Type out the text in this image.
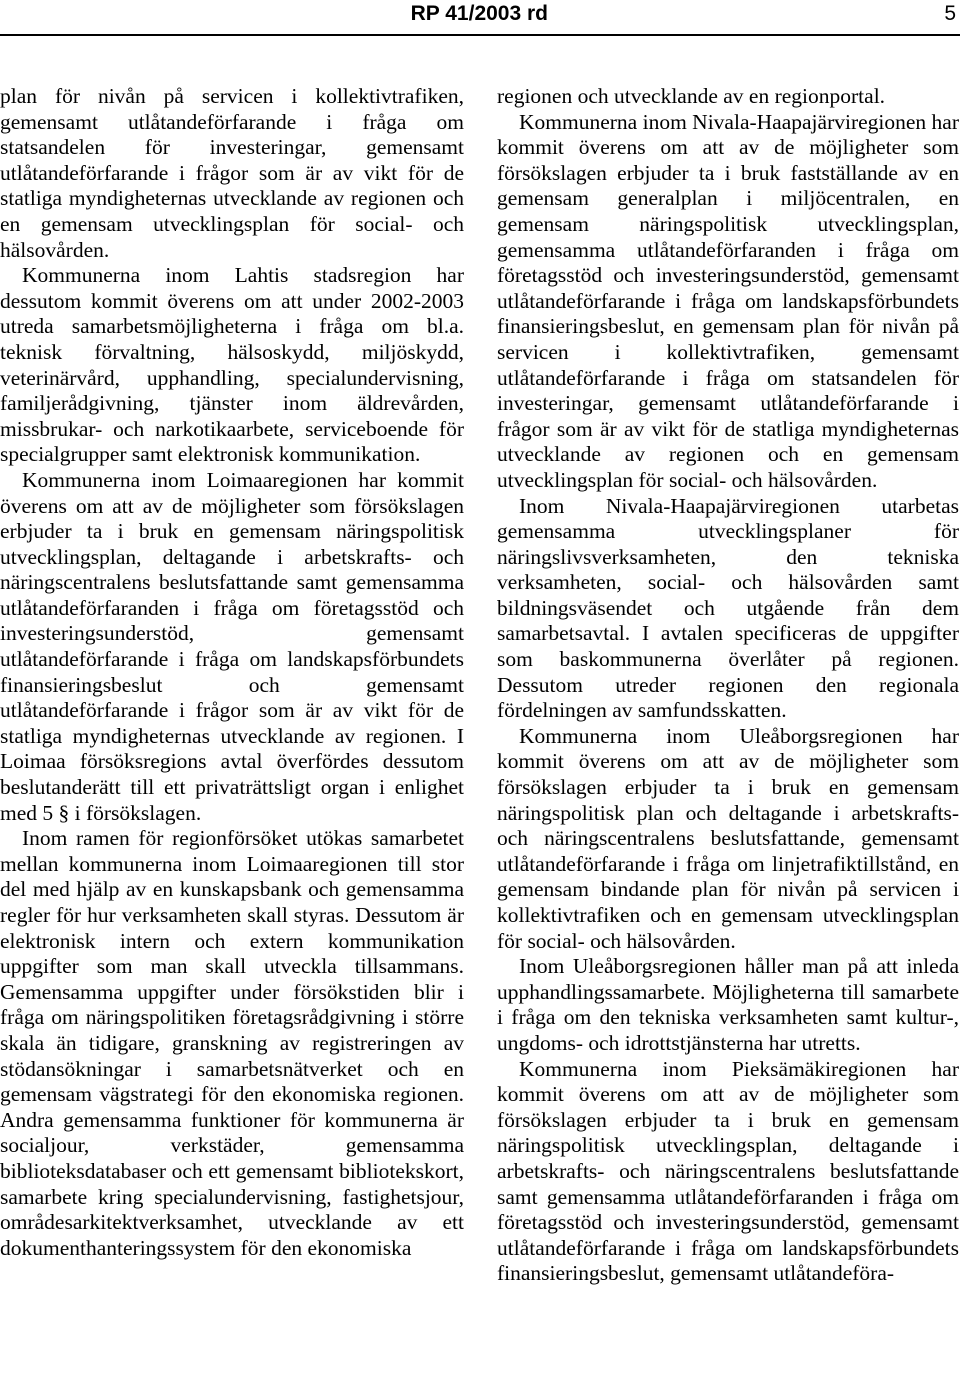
RP 41/2003 rd	5

plan för nivån på servicen i kollektivtrafiken, gemensamt utlåtandeförfarande i fråga om statsandelen för investeringar, gemensamt utlåtandeförfarande i frågor som är av vikt för de statliga myndigheternas utvecklande av regionen och en gemensam utvecklingsplan för social- och hälsovården.

Kommunerna inom Lahtis stadsregion har dessutom kommit överens om att under 2002-2003 utreda samarbetsmöjligheterna i fråga om bl.a. teknisk förvaltning, hälsoskydd, miljöskydd, veterinärvård, upphandling, specialundervisning, familjerådgivning, tjänster inom äldrevården, missbrukar- och narkotikaarbete, serviceboende för specialgrupper samt elektronisk kommunikation.

Kommunerna inom Loimaaregionen har kommit överens om att av de möjligheter som försökslagen erbjuder ta i bruk en gemensam näringspolitisk utvecklingsplan, deltagande i arbetskrafts- och näringscentralens beslutsfattande samt gemensamma utlåtandeförfaranden i fråga om företagsstöd och investeringsunderstöd, gemensamt utlåtandeförfarande i fråga om landskapsförbundets finansieringsbeslut och gemensamt utlåtandeförfarande i frågor som är av vikt för de statliga myndigheternas utvecklande av regionen. I Loimaa försöksregions avtal överfördes dessutom beslutanderätt till ett privaträttsligt organ i enlighet med 5 § i försökslagen.

Inom ramen för regionförsöket utökas samarbetet mellan kommunerna inom Loimaaregionen till stor del med hjälp av en kunskapsbank och gemensamma regler för hur verksamheten skall styras. Dessutom är elektronisk intern och extern kommunikation uppgifter som man skall utveckla tillsammans. Gemensamma uppgifter under försökstiden blir i fråga om näringspolitiken företagsrådgivning i större skala än tidigare, granskning av registreringen av stödansökningar i samarbetsnätverket och en gemensam vägstrategi för den ekonomiska regionen. Andra gemensamma funktioner för kommunerna är socialjour, verkstäder, gemensamma biblioteksdatabaser och ett gemensamt bibliotekskort, samarbete kring specialundervisning, fastighetsjour, områdesarkitektverksamhet, utvecklande av ett dokumenthanteringssystem för den ekonomiska

regionen och utvecklande av en regionportal.

Kommunerna inom Nivala-Haapajärviregionen har kommit överens om att av de möjligheter som försökslagen erbjuder ta i bruk fastställande av en gemensam generalplan i miljöcentralen, en gemensam näringspolitisk utvecklingsplan, gemensamma utlåtandeförfaranden i fråga om företagsstöd och investeringsunderstöd, gemensamt utlåtandeförfarande i fråga om landskapsförbundets finansieringsbeslut, en gemensam plan för nivån på servicen i kollektivtrafiken, gemensamt utlåtandeförfarande i fråga om statsandelen för investeringar, gemensamt utlåtandeförfarande i frågor som är av vikt för de statliga myndigheternas utvecklande av regionen och en gemensam utvecklingsplan för social- och hälsovården.

Inom Nivala-Haapajärviregionen utarbetas gemensamma utvecklingsplaner för näringslivsverksamheten, den tekniska verksamheten, social- och hälsovården samt bildningsväsendet och utgående från dem samarbetsavtal. I avtalen specificeras de uppgifter som baskommunerna överlåter på regionen. Dessutom utreder regionen den regionala fördelningen av samfundsskatten.

Kommunerna inom Uleåborgsregionen har kommit överens om att av de möjligheter som försökslagen erbjuder ta i bruk en gemensam näringspolitisk plan och deltagande i arbetskrafts- och näringscentralens beslutsfattande, gemensamt utlåtandeförfarande i fråga om linjetrafiktillstånd, en gemensam bindande plan för nivån på servicen i kollektivtrafiken och en gemensam utvecklingsplan för social- och hälsovården.

Inom Uleåborgsregionen håller man på att inleda upphandlingssamarbete. Möjligheterna till samarbete i fråga om den tekniska verksamheten samt kultur-, ungdoms- och idrottstjänsterna har utretts.

Kommunerna inom Pieksämäkiregionen har kommit överens om att av de möjligheter som försökslagen erbjuder ta i bruk en gemensam näringspolitisk utvecklingsplan, deltagande i arbetskrafts- och näringscentralens beslutsfattande samt gemensamma utlåtandeförfaranden i fråga om företagsstöd och investeringsunderstöd, gemensamt utlåtandeförfarande i fråga om landskapsförbundets finansieringsbeslut, gemensamt utlåtandeföra-
